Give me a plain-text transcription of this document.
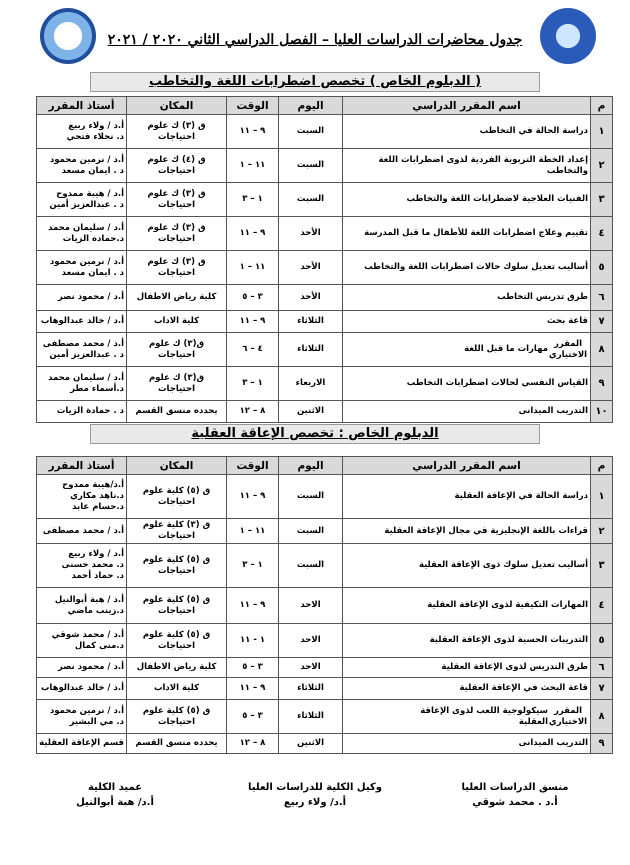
جدول محاضرات الدراسات العليا – الفصل الدراسي الثاني ٢٠٢٠ / ٢٠٢١
( الدبلوم الخاص ) تخصص اضطرابات اللغة والتخاطب
م	اسم المقرر الدراسي	اليوم	الوقت	المكان	أستاذ المقرر
١	دراسة الحالة في التخاطب	السبت	٩ – ١١	ق (٣) ك علوم احتياجات	أ.د / ولاء ربيع
د. نجلاء فتحي

٢	إعداد الخطة التربوية الفردية لذوى اضطرابات اللغة والتخاطب	السبت	١١ – ١	ق (٤) ك علوم احتياجات	أ.د / نرمين محمود
د . ايمان مسعد

٣	الفنيات العلاجية لاضطرابات اللغة والتخاطب	السبت	١ – ٣	ق (٣) ك علوم احتياجات	أ.د / هيبة ممدوح
د . عبدالعزيز أمين

٤	تقييم وعلاج اضطرابات اللغة للأطفال ما قبل المدرسة	الأحد	٩ – ١١	ق (٣) ك علوم احتياجات	أ.د / سليمان محمد
د.حماده الزيات

٥	أساليب تعديل سلوك حالات اضطرابات اللغة والتخاطب	الأحد	١١ – ١	ق (٣) ك علوم احتياجات	أ.د / نرمين محمود
د . ايمان مسعد

٦	طرق تدريس التخاطب	الأحد	٣ – ٥	كلية رياض الاطفال	أ.د / محمود نصر

٧	قاعة بحث	الثلاثاء	٩ – ١١	كلية الاداب	أ.د / خالد عبدالوهاب

٨	المقرر الاختياريمهارات ما قبل اللغة	الثلاثاء	٤ – ٦	ق(٣) ك علوم احتياجات	أ.د / محمد مصطفى
د . عبدالعزيز أمين

٩	القياس النفسي لحالات اضطرابات التخاطب	الاربعاء	١ – ٣	ق(٣) ك علوم احتياجات	أ.د / سليمان محمد
د.أسماء مطر

١٠	التدريب الميدانى	الاثنين	٨ – ١٢	يحدده منسق القسم	د . حمادة الزيات
الدبلوم الخاص : تخصص الإعاقة العقلية
م	اسم المقرر الدراسي	اليوم	الوقت	المكان	أستاذ المقرر
١	دراسة الحالة في الإعاقة العقلية	السبت	٩ – ١١	ق (٥) كلية علوم احتياجات	أ.د/هيبة ممدوح
د.ناهد مكاري
د.حسام عابد

٢	قراءات باللغة الإنجليزية في مجال الإعاقة العقلية	السبت	١١ – ١	ق (٣) كلية علوم احتياجات	أ.د / محمد مصطفى

٣	أساليب تعديل سلوك ذوى الإعاقة العقلية	السبت	١ – ٣	ق (٥) كلية علوم احتياجات	أ.د / ولاء ربيع
د. محمد حسنى
د. حماد أحمد

٤	المهارات التكيفية لذوى الإعاقة العقلية	الاحد	٩ – ١١	ق (٥) كلية علوم احتياجات	أ.د / هبة أبوالنيل
د.زينب ماضي

٥	التدريبات الحسية لذوى الإعاقة العقلية	الاحد	١ - ١١	ق (٥) كلية علوم احتياجات	أ.د / محمد شوقي
د.منى كمال

٦	طرق التدريس لذوى الإعاقة العقلية	الاحد	٣ – ٥	كلية رياض الاطفال	أ.د / محمود نصر

٧	قاعة البحث في الإعاقة العقلية	الثلاثاء	٩ – ١١	كلية الاداب	أ.د / خالد عبدالوهاب

٨	المقرر الاختياريسيكولوجية اللعب لذوى الإعاقة العقلية	الثلاثاء	٣ – ٥	ق (٥) كلية علوم احتياجات	أ.د / نرمين محمود
د. مي البشير

٩	التدريب الميدانى	الاثنين	٨ – ١٢	يحدده منسق القسم	قسم الإعاقة العقلية
منسق الدراسات العليا
أ.د . محمد شوقي
وكيل الكلية للدراسات العليا
أ.د/ ولاء ربيع
عميد الكلية
أ.د/ هبة أبوالنيل
